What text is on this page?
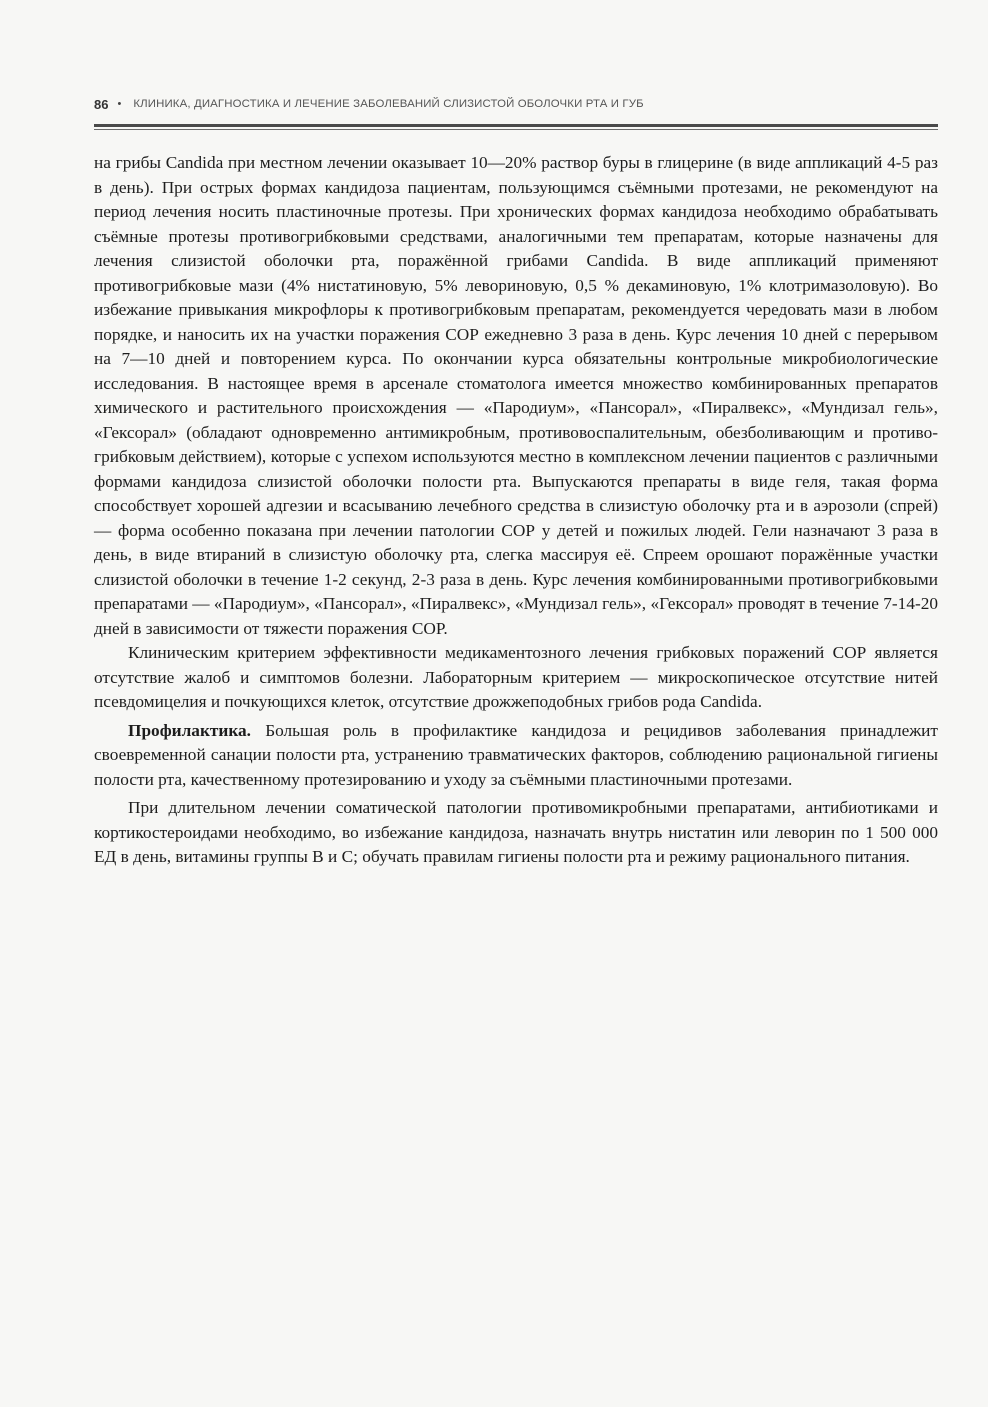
86 • КЛИНИКА, ДИАГНОСТИКА И ЛЕЧЕНИЕ ЗАБОЛЕВАНИЙ СЛИЗИСТОЙ ОБОЛОЧКИ РТА И ГУБ

на грибы Candida при местном лечении оказывает 10—20% раствор буры в глицерине (в виде аппликаций 4-5 раз в день). При острых формах кандидоза пациентам, пользующимся съёмными протезами, не рекомендуют на период лечения носить пластиночные протезы. При хронических формах кандидоза необходимо обрабатывать съёмные протезы противогрибковыми средствами, аналогичными тем препаратам, которые назначены для лечения слизистой оболочки рта, поражённой грибами Candida. В виде аппликаций применяют противогрибковые мази (4% нистатиновую, 5% леворинoвую, 0,5 % декаминовую, 1% клотримазоловую). Во избежание привыкания микрофлоры к противогрибковым препаратам, рекомендуется чередовать мази в любом порядке, и наносить их на участки поражения СОР ежедневно 3 раза в день. Курс лечения 10 дней с перерывом на 7—10 дней и повторением курса. По окончании курса обязательны контрольные микробиологические исследования. В настоящее время в арсенале стоматолога имеется множество комбинированных препаратов химического и растительного происхождения — «Пародиум», «Пансорал», «Пиралвекс», «Мундизал гель», «Гексорал» (обладают одновременно антимикробным, противовоспалительным, обезболивающим и противогрибковым действием), которые с успехом используются местно в комплексном лечении пациентов с различными формами кандидоза слизистой оболочки полости рта. Выпускаются препараты в виде геля, такая форма способствует хорошей адгезии и всасыванию лечебного средства в слизистую оболочку рта и в аэрозоли (спрей) — форма особенно показана при лечении патологии СОР у детей и пожилых людей. Гели назначают 3 раза в день, в виде втираний в слизистую оболочку рта, слегка массируя её. Спреем орошают поражённые участки слизистой оболочки в течение 1-2 секунд, 2-3 раза в день. Курс лечения комбинированными противогрибковыми препаратами — «Пародиум», «Пансорал», «Пиралвекс», «Мундизал гель», «Гексорал» проводят в течение 7-14-20 дней в зависимости от тяжести поражения СОР.

Клиническим критерием эффективности медикаментозного лечения грибковых поражений СОР является отсутствие жалоб и симптомов болезни. Лабораторным критерием — микроскопическое отсутствие нитей псевдомицелия и почкующихся клеток, отсутствие дрожжеподобных грибов рода Candida.

Профилактика. Большая роль в профилактике кандидоза и рецидивов заболевания принадлежит своевременной санации полости рта, устранению травматических факторов, соблюдению рациональной гигиены полости рта, качественному протезированию и уходу за съёмными пластиночными протезами.

При длительном лечении соматической патологии противомикробными препаратами, антибиотиками и кортикостероидами необходимо, во избежание кандидоза, назначать внутрь нистатин или леворин по 1 500 000 ЕД в день, витамины группы В и С; обучать правилам гигиены полости рта и режиму рационального питания.
